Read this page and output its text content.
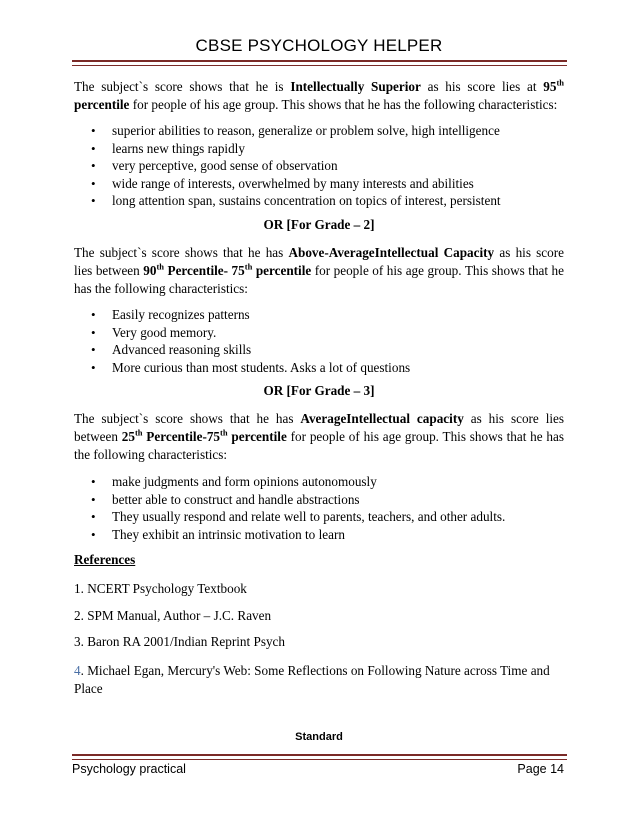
CBSE PSYCHOLOGY HELPER

The subject`s score shows that he is Intellectually Superior as his score lies at 95th percentile for people of his age group. This shows that he has the following characteristics:

• superior abilities to reason, generalize or problem solve, high intelligence
• learns new things rapidly
• very perceptive, good sense of observation
• wide range of interests, overwhelmed by many interests and abilities
• long attention span, sustains concentration on topics of interest, persistent

OR [For Grade – 2]

The subject`s score shows that he has Above-AverageIntellectual Capacity as his score lies between 90th Percentile- 75th percentile for people of his age group. This shows that he has the following characteristics:

• Easily recognizes patterns
• Very good memory.
• Advanced reasoning skills
• More curious than most students. Asks a lot of questions

OR [For Grade – 3]

The subject`s score shows that he has AverageIntellectual capacity as his score lies between 25th Percentile-75th percentile for people of his age group. This shows that he has the following characteristics:

• make judgments and form opinions autonomously
• better able to construct and handle abstractions
• They usually respond and relate well to parents, teachers, and other adults.
• They exhibit an intrinsic motivation to learn

References

1. NCERT Psychology Textbook

2. SPM Manual, Author – J.C. Raven

3. Baron RA 2001/Indian Reprint Psych

4. Michael Egan, Mercury's Web: Some Reflections on Following Nature across Time and Place

Standard
Psychology practical	Page 14
